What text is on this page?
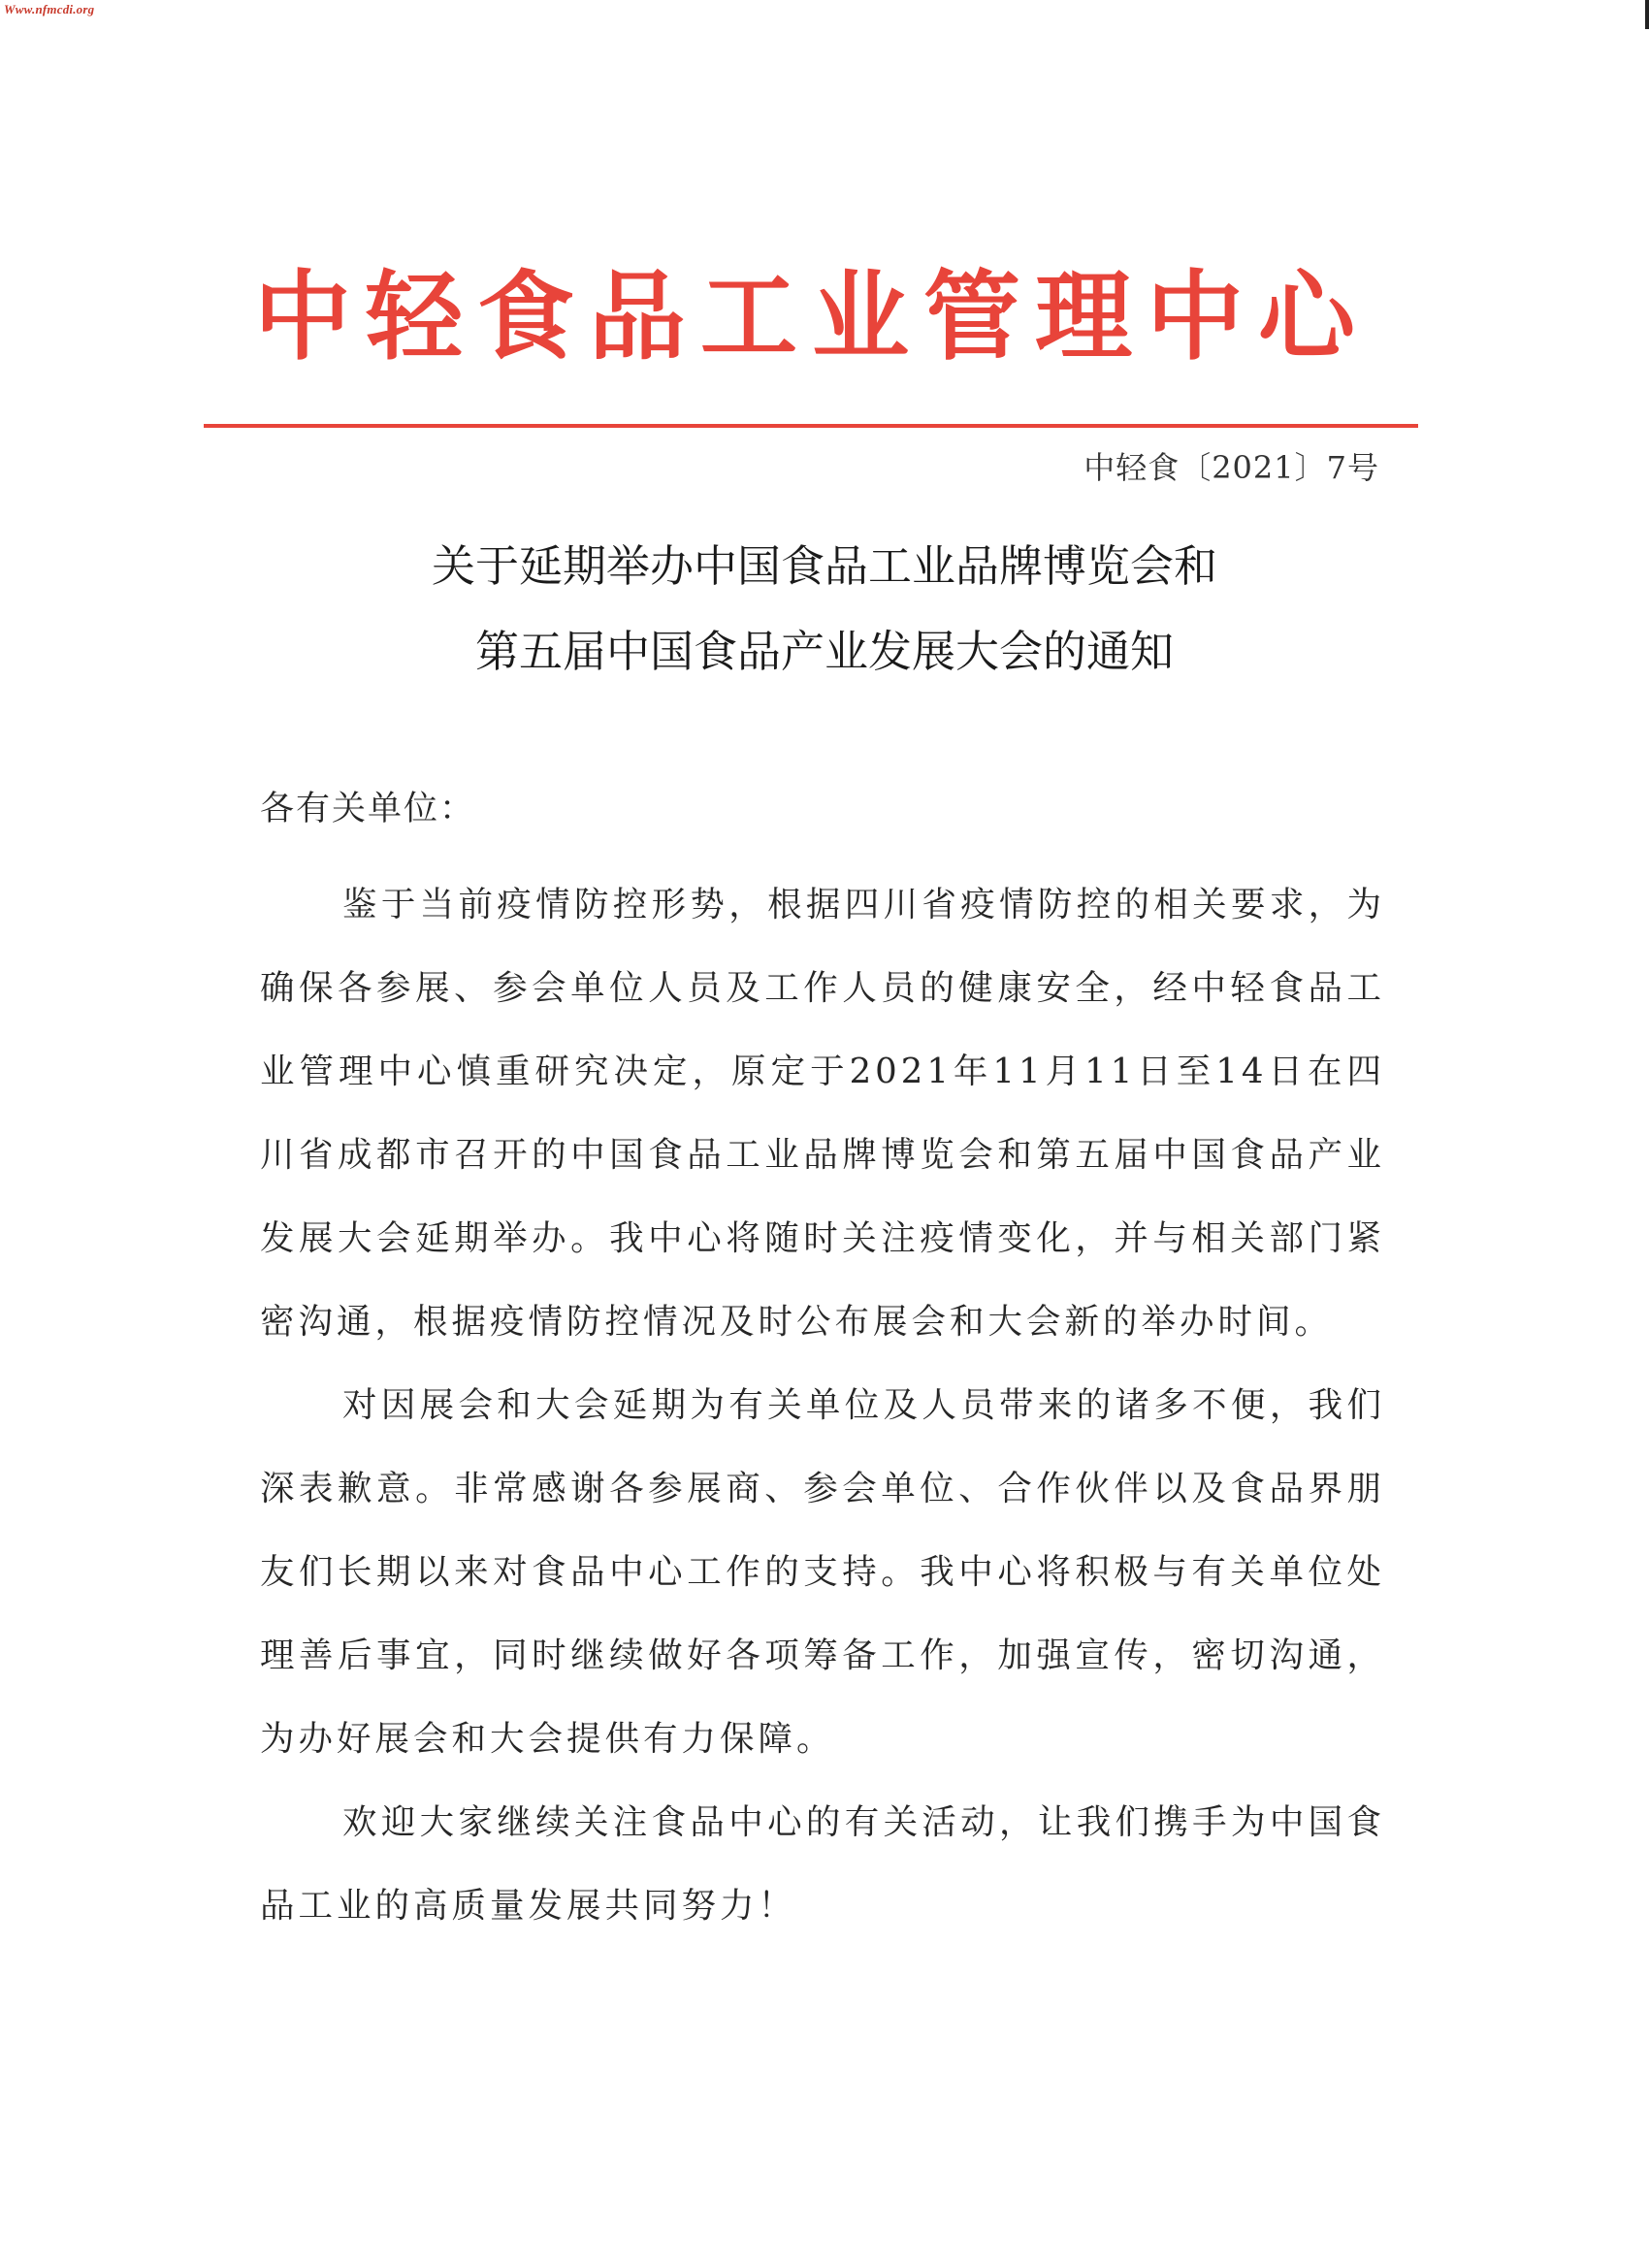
Www.nfmcdi.org
中轻食品工业管理中心
中轻食〔2021〕7号
关于延期举办中国食品工业品牌博览会和
第五届中国食品产业发展大会的通知
各有关单位：

鉴于当前疫情防控形势，根据四川省疫情防控的相关要求，为确保各参展、参会单位人员及工作人员的健康安全，经中轻食品工业管理中心慎重研究决定，原定于2021年11月11日至14日在四川省成都市召开的中国食品工业品牌博览会和第五届中国食品产业发展大会延期举办。我中心将随时关注疫情变化，并与相关部门紧密沟通，根据疫情防控情况及时公布展会和大会新的举办时间。

对因展会和大会延期为有关单位及人员带来的诸多不便，我们深表歉意。非常感谢各参展商、参会单位、合作伙伴以及食品界朋友们长期以来对食品中心工作的支持。我中心将积极与有关单位处理善后事宜，同时继续做好各项筹备工作，加强宣传，密切沟通，为办好展会和大会提供有力保障。

欢迎大家继续关注食品中心的有关活动，让我们携手为中国食品工业的高质量发展共同努力！
